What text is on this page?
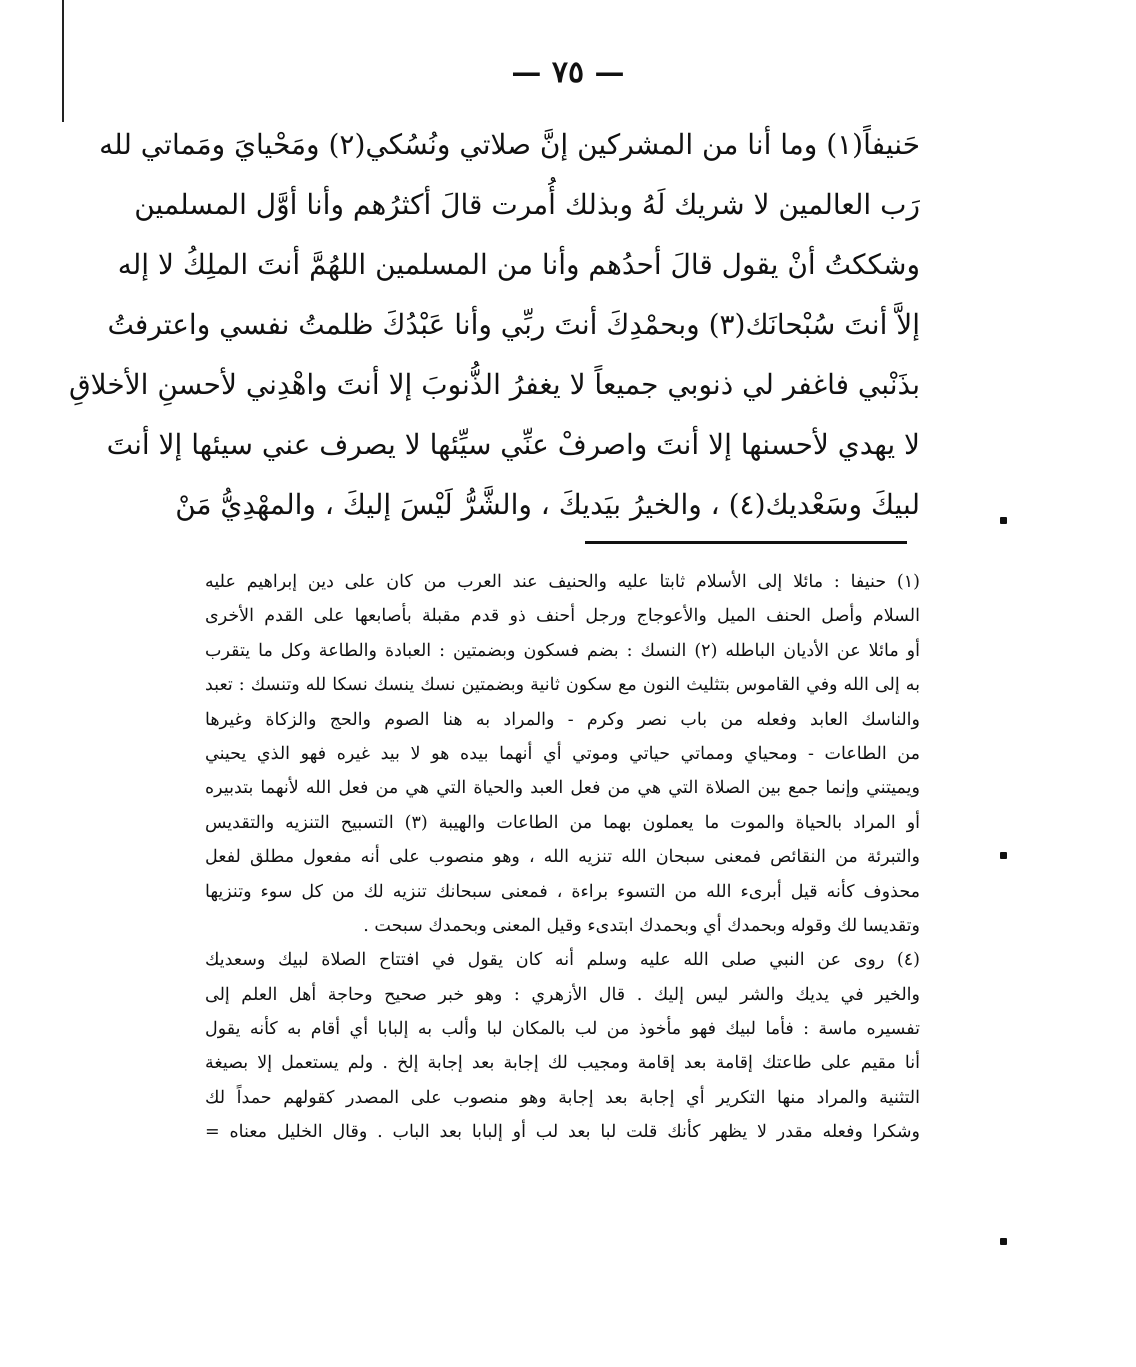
— ٧٥ —
حَنيفاً(١) وما أنا من المشركين إنَّ صلاتي ونُسُكي(٢) ومَحْيايَ ومَماتي لله
رَب العالمين لا شريك لَهُ وبذلك أُمرت قالَ أكثرُهم وأنا أوَّل المسلمين
وشككتُ أنْ يقول قالَ أحدُهم وأنا من المسلمين اللهُمَّ أنتَ الملِكُ لا إله
إلاَّ أنتَ سُبْحانَك(٣) وبحمْدِكَ أنتَ ربِّي وأنا عَبْدُكَ ظلمتُ نفسي واعترفتُ
بذَنْبي فاغفر لي ذنوبي جميعاً لا يغفرُ الذُّنوبَ إلا أنتَ واهْدِني لأحسنِ الأخلاقِ
لا يهدي لأحسنها إلا أنتَ واصرفْ عنِّي سيِّئها لا يصرف عني سيئها إلا أنتَ
لبيكَ وسَعْديك(٤) ، والخيرُ بيَديكَ ، والشَّرُّ لَيْسَ إليكَ ، والمهْدِيُّ مَنْ
(١) حنيفا : مائلا إلى الأسلام ثابتا عليه والحنيف عند العرب من كان على دين إبراهيم عليه
السلام وأصل الحنف الميل والأعوجاج ورجل أحنف ذو قدم مقبلة بأصابعها على القدم الأخرى
أو مائلا عن الأديان الباطله (٢) النسك : بضم فسكون وبضمتين : العبادة والطاعة وكل ما يتقرب
به إلى الله وفي القاموس بتثليث النون مع سكون ثانية وبضمتين نسك ينسك نسكا لله وتنسك : تعبد
والناسك العابد وفعله من باب نصر وكرم - والمراد به هنا الصوم والحج والزكاة وغيرها
من الطاعات - ومحياي ومماتي حياتي وموتي أي أنهما بيده هو لا بيد غيره فهو الذي يحيني
ويميتني وإنما جمع بين الصلاة التي هي من فعل العبد والحياة التي هي من فعل الله لأنهما بتدبيره
أو المراد بالحياة والموت ما يعملون بهما من الطاعات والهيبة (٣) التسبيح التنزيه والتقديس
والتبرئة من النقائص فمعنى سبحان الله تنزيه الله ، وهو منصوب على أنه مفعول مطلق لفعل
محذوف كأنه قيل أبرىء الله من التسوء براءة ، فمعنى سبحانك تنزيه لك من كل سوء وتنزيها
وتقديسا لك وقوله وبحمدك أي وبحمدك ابتدىء وقيل المعنى وبحمدك سبحت .
(٤) روى عن النبي صلى الله عليه وسلم أنه كان يقول في افتتاح الصلاة لبيك وسعديك
والخير في يديك والشر ليس إليك . قال الأزهري : وهو خبر صحيح وحاجة أهل العلم إلى
تفسيره ماسة : فأما لبيك فهو مأخوذ من لب بالمكان لبا وألب به إلبابا أي أقام به كأنه يقول
أنا مقيم على طاعتك إقامة بعد إقامة ومجيب لك إجابة بعد إجابة إلخ . ولم يستعمل إلا بصيغة
التثنية والمراد منها التكرير أي إجابة بعد إجابة وهو منصوب على المصدر كقولهم حمداً لك
وشكرا وفعله مقدر لا يظهر كأنك قلت لبا بعد لب أو إلبابا بعد الباب . وقال الخليل معناه =
